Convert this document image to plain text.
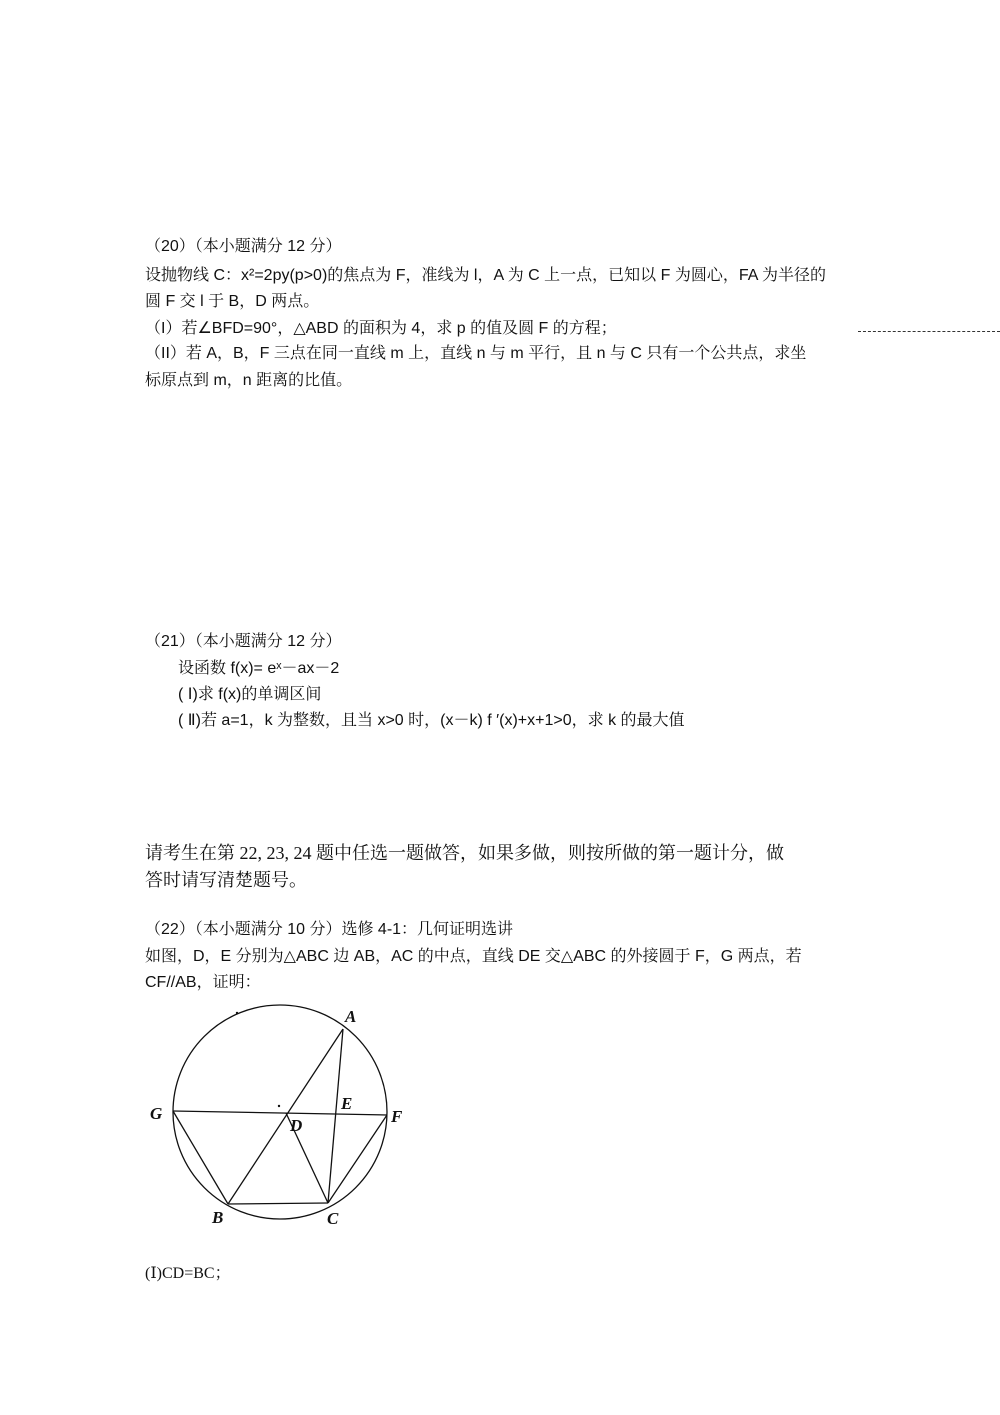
（20）（本小题满分 12 分）
设抛物线 C：x²=2py(p>0)的焦点为 F，准线为 l，A 为 C 上一点，已知以 F 为圆心，FA 为半径的
圆 F 交 l 于 B，D 两点。
（I）若∠BFD=90°，△ABD 的面积为 4，求 p 的值及圆 F 的方程；
（II）若 A，B，F 三点在同一直线 m 上，直线 n 与 m 平行，且 n 与 C 只有一个公共点，求坐
标原点到 m，n 距离的比值。
（21）（本小题满分 12 分）
设函数 f(x)= eˣ－ax－2
( Ⅰ)求 f(x)的单调区间
( Ⅱ)若 a=1，k 为整数，且当 x>0 时，(x－k) f ′(x)+x+1>0，求 k 的最大值
请考生在第 22, 23, 24 题中任选一题做答，如果多做，则按所做的第一题计分，做
答时请写清楚题号。
（22）（本小题满分 10 分）选修 4-1：几何证明选讲
如图，D，E 分别为△ABC 边 AB，AC 的中点，直线 DE 交△ABC 的外接圆于 F，G 两点，若
CF//AB，证明：
A
G
E
F
D
B	C
(Ⅰ)CD=BC；
